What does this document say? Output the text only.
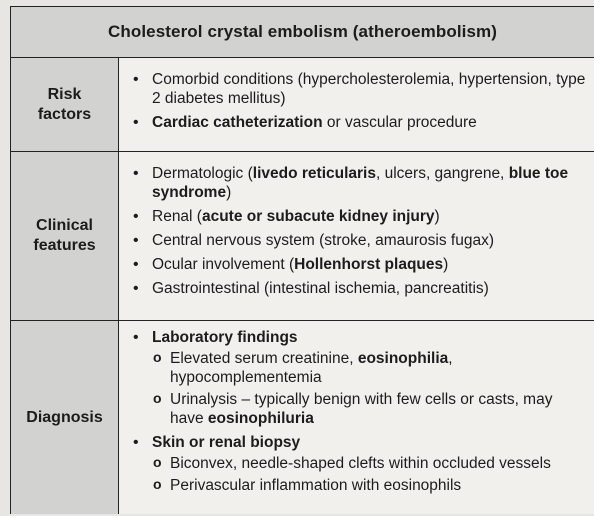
Cholesterol crystal embolism (atheroembolism)
Risk
factors
• Comorbid conditions (hypercholesterolemia, hypertension, type 2 diabetes mellitus)
• Cardiac catheterization or vascular procedure
Clinical
features
• Dermatologic (livedo reticularis, ulcers, gangrene, blue toe syndrome)
• Renal (acute or subacute kidney injury)
• Central nervous system (stroke, amaurosis fugax)
• Ocular involvement (Hollenhorst plaques)
• Gastrointestinal (intestinal ischemia, pancreatitis)
Diagnosis
• Laboratory findings
o Elevated serum creatinine, eosinophilia, hypocomplementemia
o Urinalysis – typically benign with few cells or casts, may have eosinophiluria
• Skin or renal biopsy
o Biconvex, needle-shaped clefts within occluded vessels
o Perivascular inflammation with eosinophils
